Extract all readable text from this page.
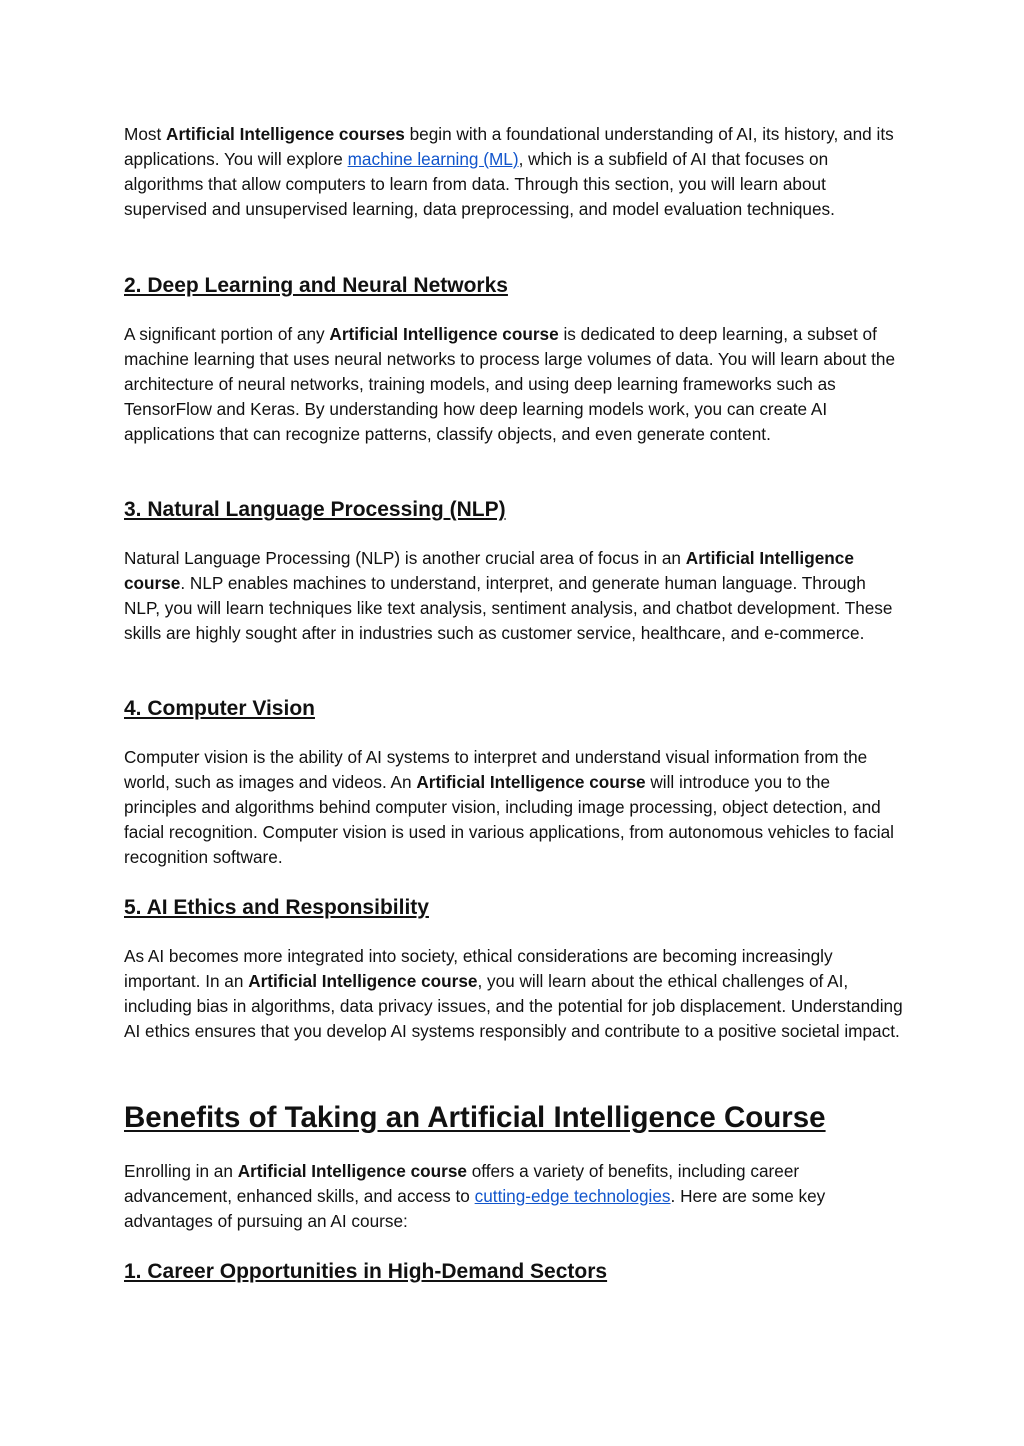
Most Artificial Intelligence courses begin with a foundational understanding of AI, its history, and its applications. You will explore machine learning (ML), which is a subfield of AI that focuses on algorithms that allow computers to learn from data. Through this section, you will learn about supervised and unsupervised learning, data preprocessing, and model evaluation techniques.

2. Deep Learning and Neural Networks

A significant portion of any Artificial Intelligence course is dedicated to deep learning, a subset of machine learning that uses neural networks to process large volumes of data. You will learn about the architecture of neural networks, training models, and using deep learning frameworks such as TensorFlow and Keras. By understanding how deep learning models work, you can create AI applications that can recognize patterns, classify objects, and even generate content.

3. Natural Language Processing (NLP)

Natural Language Processing (NLP) is another crucial area of focus in an Artificial Intelligence course. NLP enables machines to understand, interpret, and generate human language. Through NLP, you will learn techniques like text analysis, sentiment analysis, and chatbot development. These skills are highly sought after in industries such as customer service, healthcare, and e-commerce.

4. Computer Vision

Computer vision is the ability of AI systems to interpret and understand visual information from the world, such as images and videos. An Artificial Intelligence course will introduce you to the principles and algorithms behind computer vision, including image processing, object detection, and facial recognition. Computer vision is used in various applications, from autonomous vehicles to facial recognition software.

5. AI Ethics and Responsibility

As AI becomes more integrated into society, ethical considerations are becoming increasingly important. In an Artificial Intelligence course, you will learn about the ethical challenges of AI, including bias in algorithms, data privacy issues, and the potential for job displacement. Understanding AI ethics ensures that you develop AI systems responsibly and contribute to a positive societal impact.

Benefits of Taking an Artificial Intelligence Course

Enrolling in an Artificial Intelligence course offers a variety of benefits, including career advancement, enhanced skills, and access to cutting-edge technologies. Here are some key advantages of pursuing an AI course:

1. Career Opportunities in High-Demand Sectors
